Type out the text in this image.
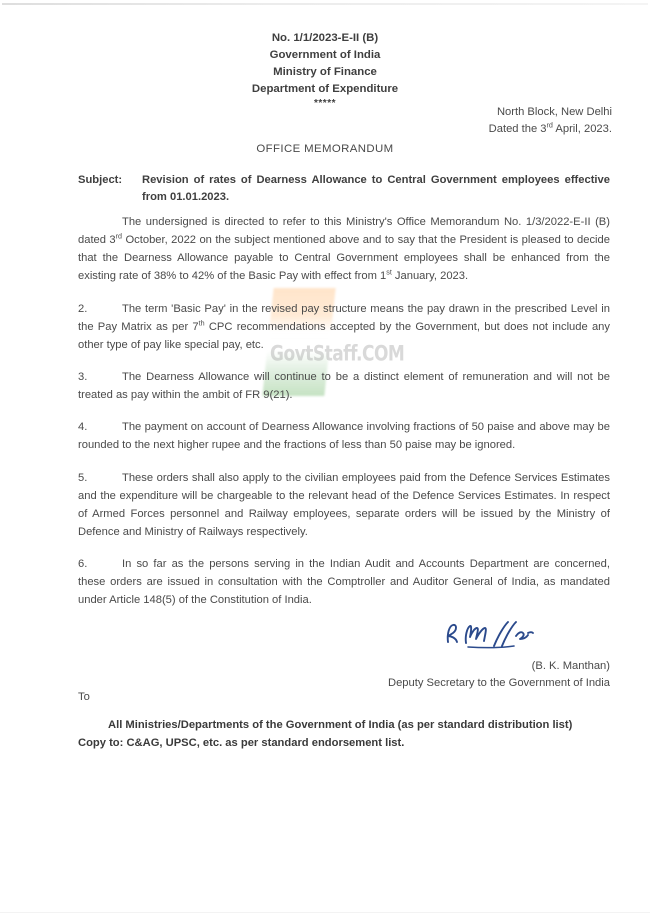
GovtStaff.COM
No. 1/1/2023-E-II (B)
Government of India
Ministry of Finance
Department of Expenditure
*****
North Block, New Delhi
Dated the 3rd April, 2023.
OFFICE MEMORANDUM
Subject:	Revision of rates of Dearness Allowance to Central Government employees effective from 01.01.2023.
The undersigned is directed to refer to this Ministry's Office Memorandum No. 1/3/2022-E-II (B) dated 3rd October, 2022 on the subject mentioned above and to say that the President is pleased to decide that the Dearness Allowance payable to Central Government employees shall be enhanced from the existing rate of 38% to 42% of the Basic Pay with effect from 1st January, 2023.
2.	The term 'Basic Pay' in the revised pay structure means the pay drawn in the prescribed Level in the Pay Matrix as per 7th CPC recommendations accepted by the Government, but does not include any other type of pay like special pay, etc.
3.	The Dearness Allowance will continue to be a distinct element of remuneration and will not be treated as pay within the ambit of FR 9(21).
4.	The payment on account of Dearness Allowance involving fractions of 50 paise and above may be rounded to the next higher rupee and the fractions of less than 50 paise may be ignored.
5.	These orders shall also apply to the civilian employees paid from the Defence Services Estimates and the expenditure will be chargeable to the relevant head of the Defence Services Estimates. In respect of Armed Forces personnel and Railway employees, separate orders will be issued by the Ministry of Defence and Ministry of Railways respectively.
6.	In so far as the persons serving in the Indian Audit and Accounts Department are concerned, these orders are issued in consultation with the Comptroller and Auditor General of India, as mandated under Article 148(5) of the Constitution of India.
(B. K. Manthan)
Deputy Secretary to the Government of India
To
All Ministries/Departments of the Government of India (as per standard distribution list)
Copy to: C&AG, UPSC, etc. as per standard endorsement list.
